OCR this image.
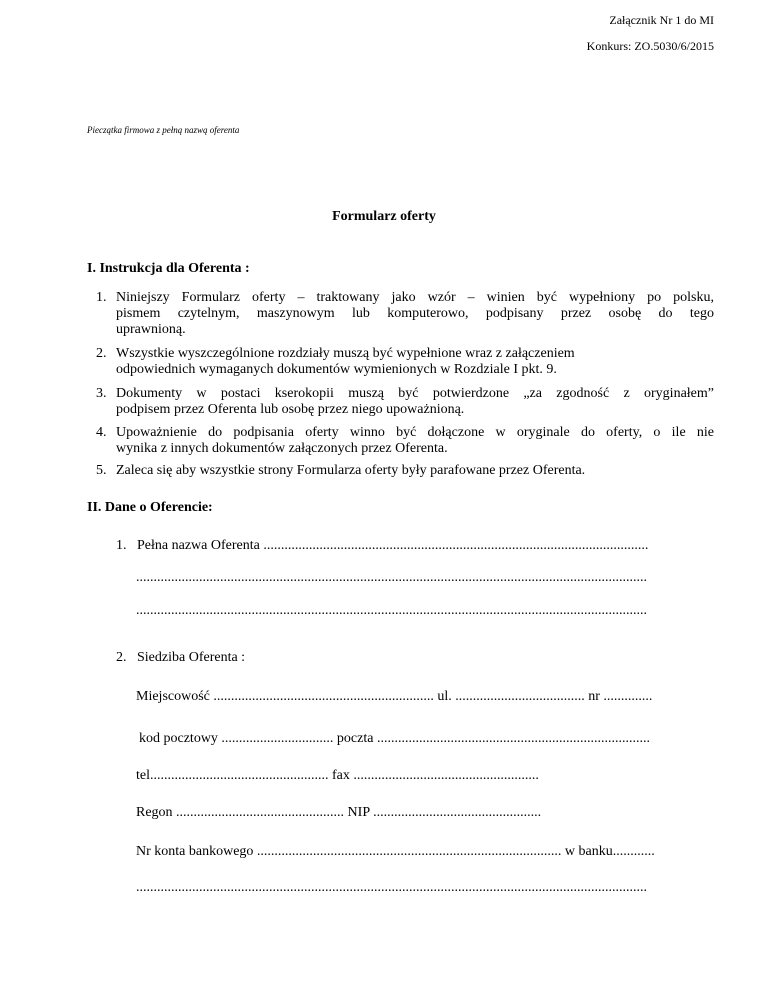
Załącznik Nr 1 do MI
Konkurs: ZO.5030/6/2015
Pieczątka firmowa z pełną nazwą oferenta
Formularz oferty
I. Instrukcja dla Oferenta :
1. Niniejszy Formularz oferty – traktowany jako wzór – winien być wypełniony po polsku,
pismem czytelnym, maszynowym lub komputerowo, podpisany przez osobę do tego
uprawnioną.
2. Wszystkie wyszczególnione rozdziały muszą być wypełnione wraz z załączeniem
odpowiednich wymaganych dokumentów wymienionych w Rozdziale I pkt. 9.
3. Dokumenty w postaci kserokopii muszą być potwierdzone „za zgodność z oryginałem”
podpisem przez Oferenta lub osobę przez niego upoważnioną.
4. Upoważnienie do podpisania oferty winno być dołączone w oryginale do oferty, o ile nie
wynika z innych dokumentów załączonych przez Oferenta.
5. Zaleca się aby wszystkie strony Formularza oferty były parafowane przez Oferenta.
II. Dane o Oferencie:
1. Pełna nazwa Oferenta ..............................................................................................................
..................................................................................................................................................
..................................................................................................................................................
2. Siedziba Oferenta :
Miejscowość ............................................................... ul. ..................................... nr ..............
kod pocztowy ................................ poczta ..............................................................................
tel................................................... fax .....................................................
Regon ................................................ NIP ................................................
Nr konta bankowego ....................................................................................... w banku............
..................................................................................................................................................
